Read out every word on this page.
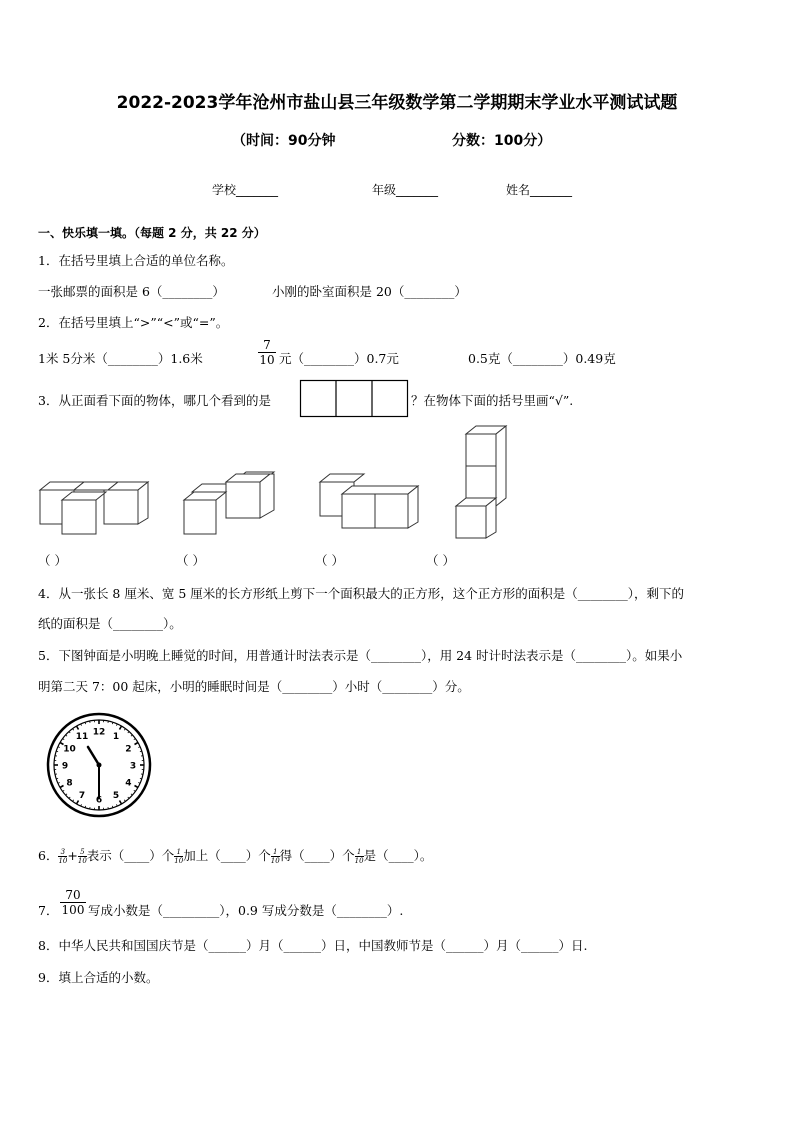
2022-2023学年沧州市盐山县三年级数学第二学期期末学业水平测试试题
（时间：90分钟	分数：100分）
学校_______	年级_______	姓名_______
一、快乐填一填。（每题 2 分，共 22 分）
1．在括号里填上合适的单位名称。
一张邮票的面积是 6（________）	小刚的卧室面积是 20（________）
2．在括号里填上“>”“<”或“=”。
1米 5分米（________）1.6米	$\frac{7}{10}$ 元（________）0.7元	0.5克（________）0.49克
3．从正面看下面的物体，哪几个看到的是	？在物体下面的括号里画“√”.
（ ）	（ ）	（ ）	（ ）
4．从一张长 8 厘米、宽 5 厘米的长方形纸上剪下一个面积最大的正方形，这个正方形的面积是（________），剩下的
纸的面积是（________）。
5．下图钟面是小明晚上睡觉的时间，用普通计时法表示是（________），用 24 时计时法表示是（________）。如果小
明第二天 7：00 起床，小明的睡眠时间是（________）小时（________）分。
12 1
2
3
4
5
6
7
8
9
10
11
6． $\frac{3}{10} + \frac{5}{10}$ 表示（____）个 $\frac{1}{10}$ 加上（____）个 $\frac{1}{10}$ 得（____）个 $\frac{1}{10}$ 是（____）。
7． $\frac{70}{100}$ 写成小数是（_________），0.9 写成分数是（________）.
8．中华人民共和国国庆节是（______）月（______）日，中国教师节是（______）月（______）日.
9．填上合适的小数。
